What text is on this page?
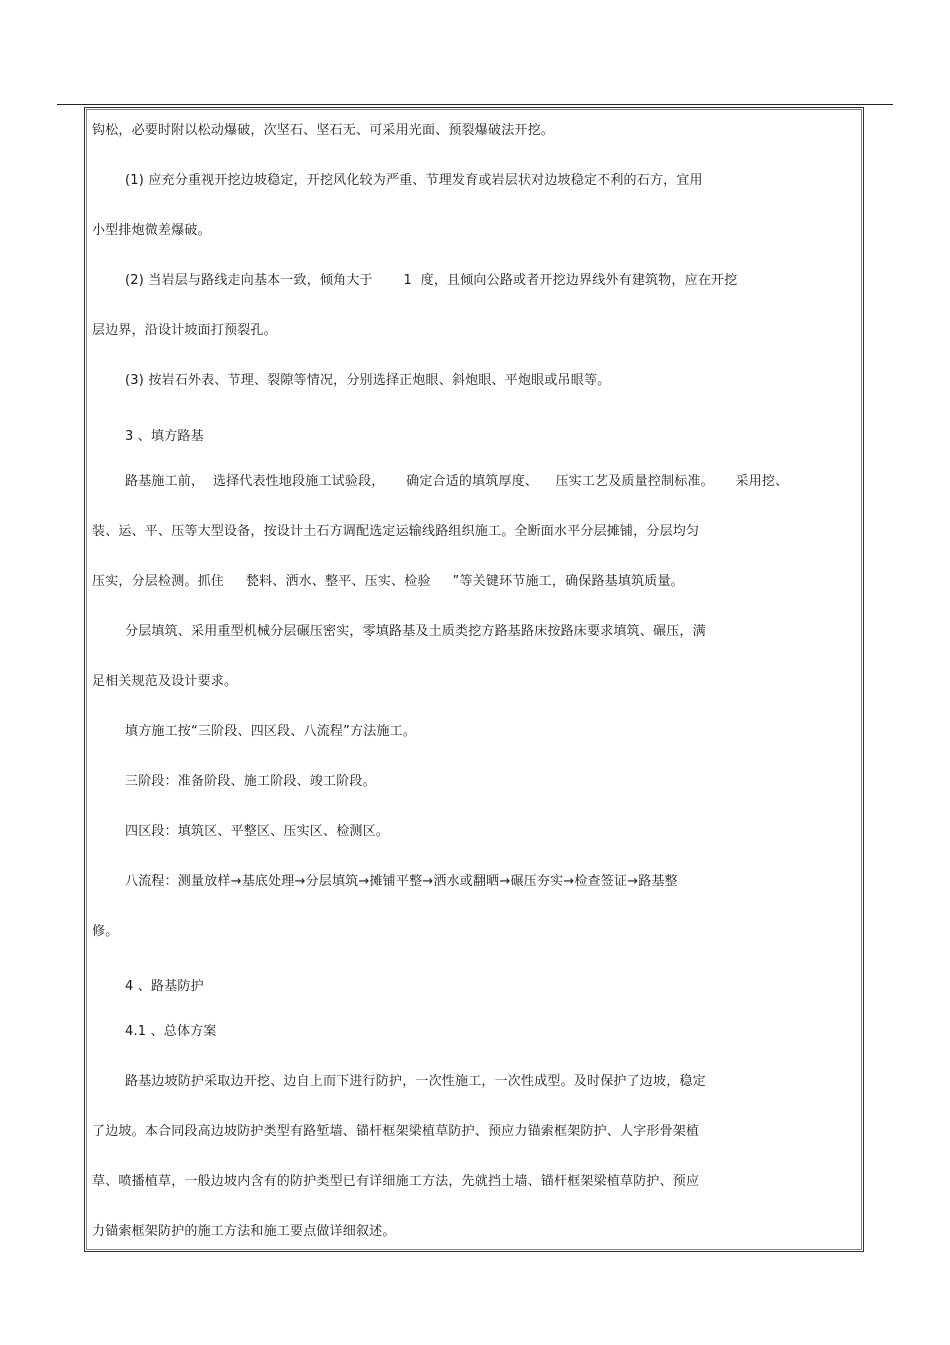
钩松，必要时附以松动爆破，次坚石、坚石无、可采用光面、预裂爆破法开挖。
(1) 应充分重视开挖边坡稳定，开挖风化较为严重、节理发育或岩层状对边坡稳定不利的石方，宜用
小型排炮微差爆破。
(2) 当岩层与路线走向基本一致，倾角大于　　 1  度，且倾向公路或者开挖边界线外有建筑物，应在开挖
层边界，沿设计坡面打预裂孔。
(3) 按岩石外表、节理、裂隙等情况，分别选择正炮眼、斜炮眼、平炮眼或吊眼等。
3 、填方路基
路基施工前，  选择代表性地段施工试验段，     确定合适的填筑厚度、    压实工艺及质量控制标准。     采用挖、
装、运、平、压等大型设备，按设计土石方调配选定运输线路组织施工。全断面水平分层摊铺，分层均匀
压实，分层检测。抓住　  甃料、洒水、整平、压实、检验　  ”等关键环节施工，确保路基填筑质量。
分层填筑、采用重型机械分层碾压密实，零填路基及土质类挖方路基路床按路床要求填筑、碾压，满
足相关规范及设计要求。
填方施工按“三阶段、四区段、八流程”方法施工。
三阶段：准备阶段、施工阶段、竣工阶段。
四区段：填筑区、平整区、压实区、检测区。
八流程：测量放样→基底处理→分层填筑→摊铺平整→洒水或翻晒→碾压夯实→检查签证→路基整
修。
4 、路基防护
4.1 、总体方案
路基边坡防护采取边开挖、边自上而下进行防护，一次性施工，一次性成型。及时保护了边坡，稳定
了边坡。本合同段高边坡防护类型有路堑墙、锚杆框架梁植草防护、预应力锚索框架防护、人字形骨架植
草、喷播植草，一般边坡内含有的防护类型已有详细施工方法，先就挡土墙、锚杆框架梁植草防护、预应
力锚索框架防护的施工方法和施工要点做详细叙述。
